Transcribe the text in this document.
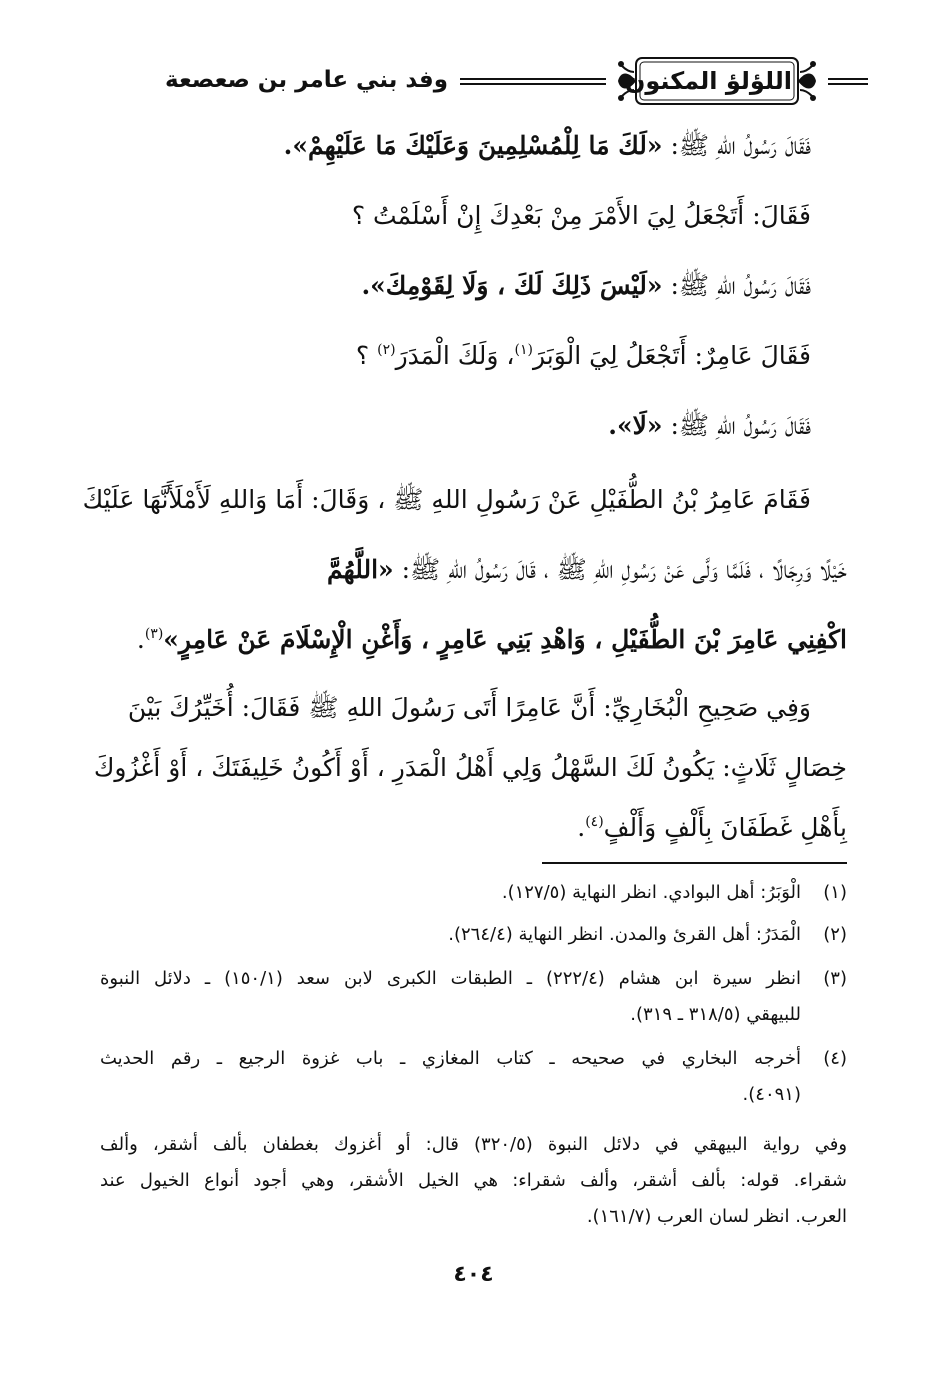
اللؤلؤ المكنون
وفد بني عامر بن صعصعة
فَقَالَ رَسُولُ اللهِ ﷺ: «لَكَ مَا لِلْمُسْلِمِينَ وَعَلَيْكَ مَا عَلَيْهِمْ».
فَقَالَ: أَتَجْعَلُ لِيَ الأَمْرَ مِنْ بَعْدِكَ إِنْ أَسْلَمْتُ ؟
فَقَالَ رَسُولُ اللهِ ﷺ: «لَيْسَ ذَلِكَ لَكَ ، وَلَا لِقَوْمِكَ».
فَقَالَ عَامِرٌ: أَتَجْعَلُ لِيَ الْوَبَرَ$^{(١)}$، وَلَكَ الْمَدَرَ$^{(٢)}$ ؟
فَقَالَ رَسُولُ اللهِ ﷺ: «لَا».
فَقَامَ عَامِرُ بْنُ الطُّفَيْلِ عَنْ رَسُولِ اللهِ ﷺ ، وَقَالَ: أَمَا وَاللهِ لَأَمْلَأَنَّهَا عَلَيْكَ
خَيْلًا وَرِجَالًا ، فَلَمَّا وَلَّى عَنْ رَسُولِ اللهِ ﷺ ، قَالَ رَسُولُ اللهِ ﷺ: «اللَّهُمَّ
اكْفِنِي عَامِرَ بْنَ الطُّفَيْلِ ، وَاهْدِ بَنِي عَامِرٍ ، وَأَغْنِ الْإِسْلَامَ عَنْ عَامِرٍ»$^{(٣)}$.
وَفِي صَحِيحِ الْبُخَارِيِّ: أَنَّ عَامِرًا أَتَى رَسُولَ اللهِ ﷺ فَقَالَ: أُخَيِّرُكَ بَيْنَ
خِصَالٍ ثَلَاثٍ: يَكُونُ لَكَ السَّهْلُ وَلِي أَهْلُ الْمَدَرِ ، أَوْ أَكُونُ خَلِيفَتَكَ ، أَوْ أَغْزُوكَ
بِأَهْلِ غَطَفَانَ بِأَلْفٍ وَأَلْفٍ$^{(٤)}$.
(١)
الْوَبَرُ: أهل البوادي. انظر النهاية (١٢٧/٥).
(٢)
الْمَدَرُ: أهل القرئ والمدن. انظر النهاية (٢٦٤/٤).
(٣)
انظر سيرة ابن هشام (٢٢٢/٤) ـ الطبقات الكبرى لابن سعد (١٥٠/١) ـ دلائل النبوة
للبيهقي (٣١٨/٥ ـ ٣١٩).
(٤)
أخرجه البخاري في صحيحه ـ كتاب المغازي ـ باب غزوة الرجيع ـ رقم الحديث
(٤٠٩١).
وفي رواية البيهقي في دلائل النبوة (٣٢٠/٥) قال: أو أغزوك بغطفان بألف أشقر، وألف
شقراء. قوله: بألف أشقر، وألف شقراء: هي الخيل الأشقر، وهي أجود أنواع الخيول عند
العرب. انظر لسان العرب (١٦١/٧).
٤٠٤
